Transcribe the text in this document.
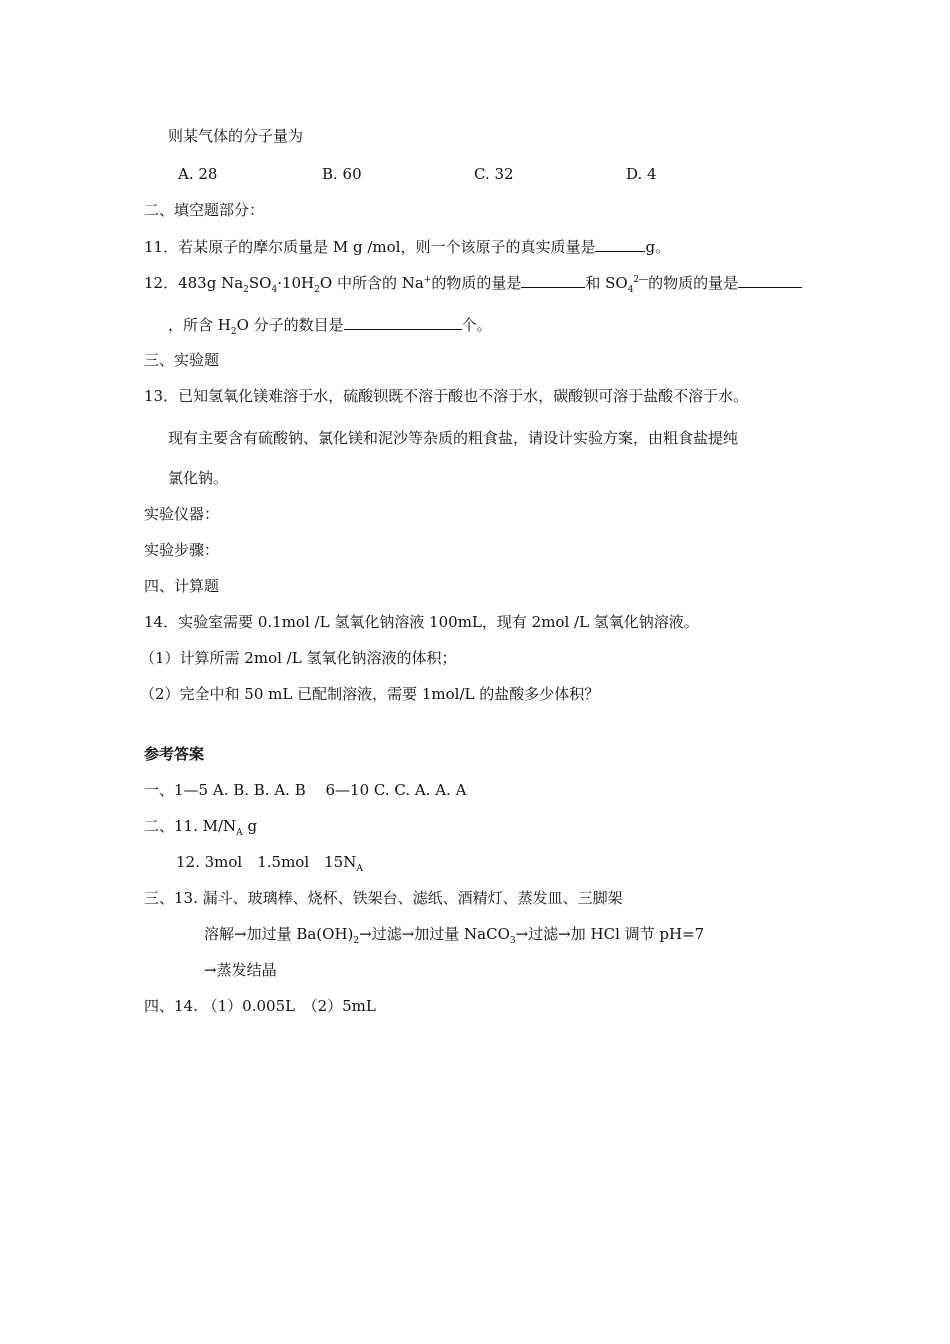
则某气体的分子量为
A. 28	B. 60	C. 32	D. 4
二、填空题部分：
11．若某原子的摩尔质量是 M g /mol，则一个该原子的真实质量是	g。
12．483g $Na_2SO_4\cdot 10H_2O$ 中所含的 Na+的物质的量是	和 $SO_4^{2―}$的物质的量是
，所含 $H_2O$ 分子的数目是	个。
三、实验题
13．已知氢氧化镁难溶于水，硫酸钡既不溶于酸也不溶于水，碳酸钡可溶于盐酸不溶于水。
现有主要含有硫酸钠、氯化镁和泥沙等杂质的粗食盐，请设计实验方案，由粗食盐提纯
氯化钠。
实验仪器：
实验步骤：
四、计算题
14．实验室需要 0.1mol /L 氢氧化钠溶液 100mL，现有 2mol /L 氢氧化钠溶液。
（1）计算所需 2mol /L 氢氧化钠溶液的体积；
（2）完全中和 50 mL 已配制溶液，需要 1mol/L 的盐酸多少体积？
参考答案
一、1—5 A. B. B. A. B　 6—10 C. C. A. A. A
二、11. $M/N_A$ g
12. 3mol　1.5mol　$15N_A$
三、13. 漏斗、玻璃棒、烧杯、铁架台、滤纸、酒精灯、蒸发皿、三脚架
溶解→加过量 $Ba(OH)_2\to$过滤→加过量 NaCO$_3$→过滤→加 HCl 调节 pH=7
→蒸发结晶
四、14. （1）0.005L　（2）5mL
